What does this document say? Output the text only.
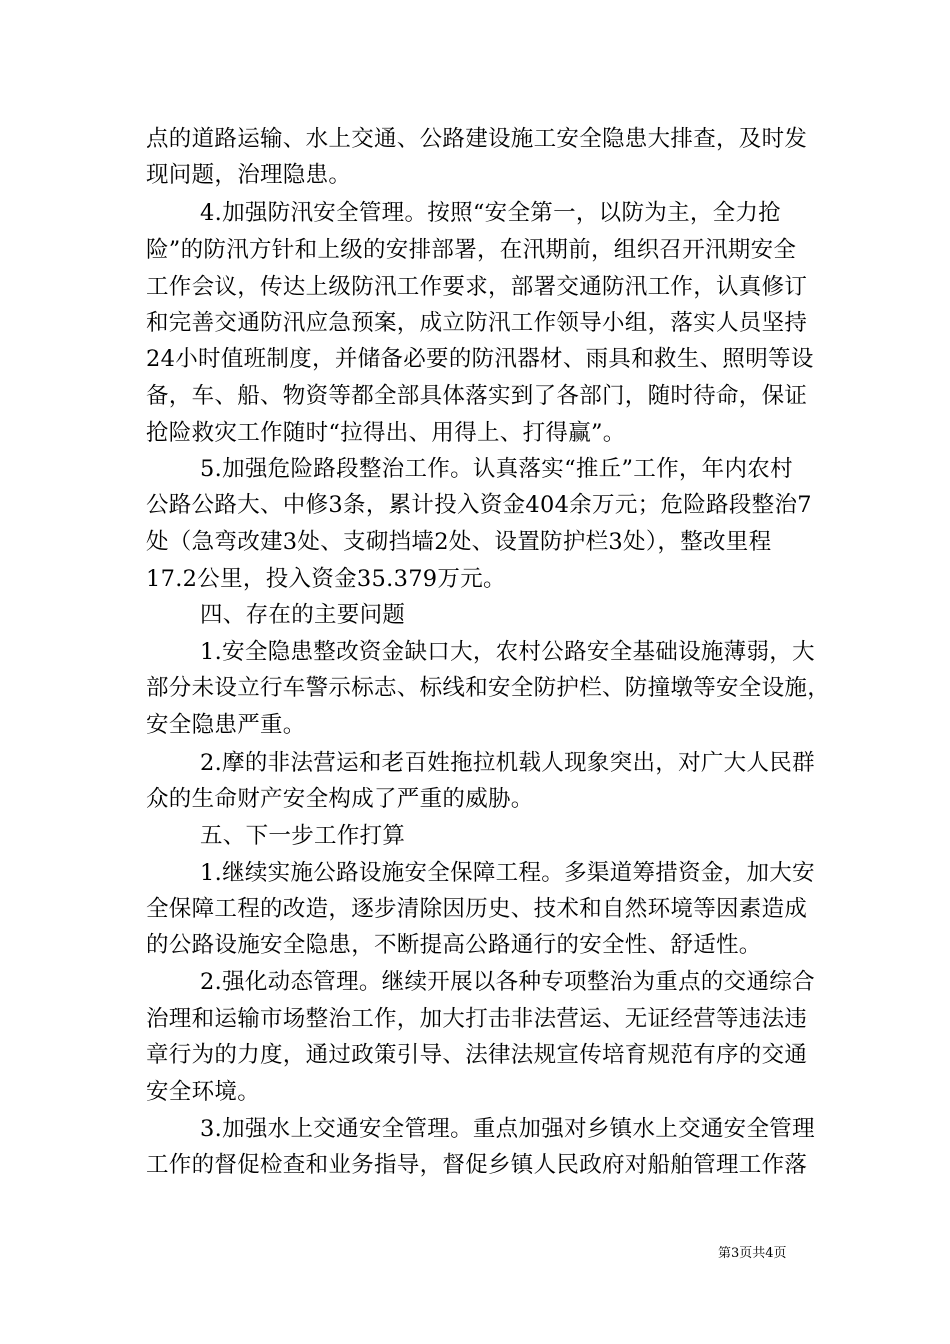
点的道路运输、水上交通、公路建设施工安全隐患大排查，及时发
现问题，治理隐患。
4.加强防汛安全管理。按照“安全第一，以防为主，全力抢
险”的防汛方针和上级的安排部署，在汛期前，组织召开汛期安全
工作会议，传达上级防汛工作要求，部署交通防汛工作，认真修订
和完善交通防汛应急预案，成立防汛工作领导小组，落实人员坚持
24小时值班制度，并储备必要的防汛器材、雨具和救生、照明等设
备，车、船、物资等都全部具体落实到了各部门，随时待命，保证
抢险救灾工作随时“拉得出、用得上、打得赢”。
5.加强危险路段整治工作。认真落实“推丘”工作，年内农村
公路公路大、中修3条，累计投入资金404余万元；危险路段整治7
处（急弯改建3处、支砌挡墙2处、设置防护栏3处），整改里程
17.2公里，投入资金35.379万元。
四、存在的主要问题
1.安全隐患整改资金缺口大，农村公路安全基础设施薄弱，大
部分未设立行车警示标志、标线和安全防护栏、防撞墩等安全设施，
安全隐患严重。
2.摩的非法营运和老百姓拖拉机载人现象突出，对广大人民群
众的生命财产安全构成了严重的威胁。
五、下一步工作打算
1.继续实施公路设施安全保障工程。多渠道筹措资金，加大安
全保障工程的改造，逐步清除因历史、技术和自然环境等因素造成
的公路设施安全隐患，不断提高公路通行的安全性、舒适性。
2.强化动态管理。继续开展以各种专项整治为重点的交通综合
治理和运输市场整治工作，加大打击非法营运、无证经营等违法违
章行为的力度，通过政策引导、法律法规宣传培育规范有序的交通
安全环境。
3.加强水上交通安全管理。重点加强对乡镇水上交通安全管理
工作的督促检查和业务指导，督促乡镇人民政府对船舶管理工作落
第3页共4页
